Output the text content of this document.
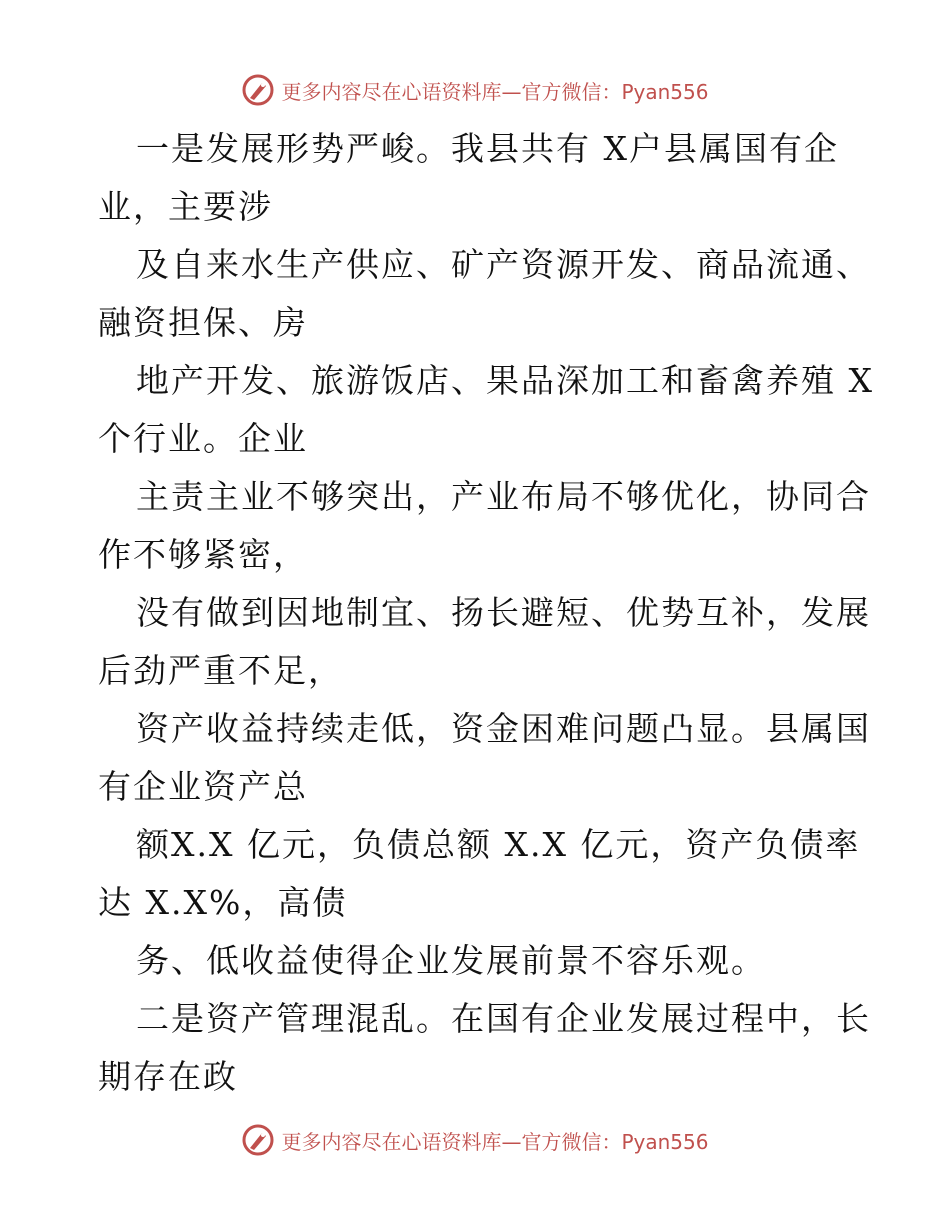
更多内容尽在心语资料库—官方微信：Pyan556

一是发展形势严峻。我县共有 X户县属国有企
业，主要涉

及自来水生产供应、矿产资源开发、商品流通、
融资担保、房

地产开发、旅游饭店、果品深加工和畜禽养殖 X
个行业。企业

主责主业不够突出，产业布局不够优化，协同合
作不够紧密，

没有做到因地制宜、扬长避短、优势互补，发展
后劲严重不足，

资产收益持续走低，资金困难问题凸显。县属国
有企业资产总

额X.X 亿元，负债总额 X.X 亿元，资产负债率
达 X.X%，高债

务、低收益使得企业发展前景不容乐观。

二是资产管理混乱。在国有企业发展过程中，长
期存在政

更多内容尽在心语资料库—官方微信：Pyan556
